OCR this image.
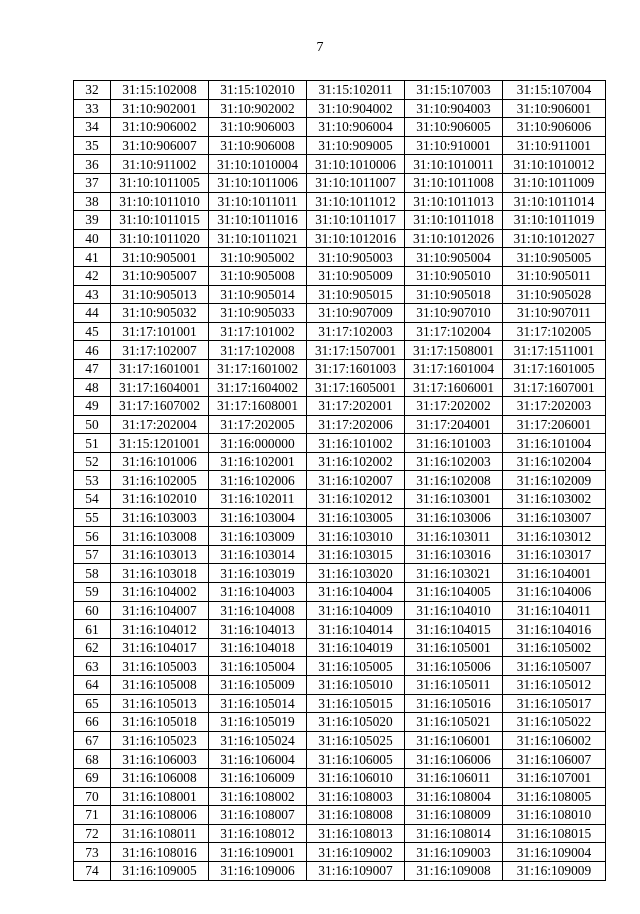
7
32	31:15:102008	31:15:102010	31:15:102011	31:15:107003	31:15:107004
33	31:10:902001	31:10:902002	31:10:904002	31:10:904003	31:10:906001
34	31:10:906002	31:10:906003	31:10:906004	31:10:906005	31:10:906006
35	31:10:906007	31:10:906008	31:10:909005	31:10:910001	31:10:911001
36	31:10:911002	31:10:1010004	31:10:1010006	31:10:1010011	31:10:1010012
37	31:10:1011005	31:10:1011006	31:10:1011007	31:10:1011008	31:10:1011009
38	31:10:1011010	31:10:1011011	31:10:1011012	31:10:1011013	31:10:1011014
39	31:10:1011015	31:10:1011016	31:10:1011017	31:10:1011018	31:10:1011019
40	31:10:1011020	31:10:1011021	31:10:1012016	31:10:1012026	31:10:1012027
41	31:10:905001	31:10:905002	31:10:905003	31:10:905004	31:10:905005
42	31:10:905007	31:10:905008	31:10:905009	31:10:905010	31:10:905011
43	31:10:905013	31:10:905014	31:10:905015	31:10:905018	31:10:905028
44	31:10:905032	31:10:905033	31:10:907009	31:10:907010	31:10:907011
45	31:17:101001	31:17:101002	31:17:102003	31:17:102004	31:17:102005
46	31:17:102007	31:17:102008	31:17:1507001	31:17:1508001	31:17:1511001
47	31:17:1601001	31:17:1601002	31:17:1601003	31:17:1601004	31:17:1601005
48	31:17:1604001	31:17:1604002	31:17:1605001	31:17:1606001	31:17:1607001
49	31:17:1607002	31:17:1608001	31:17:202001	31:17:202002	31:17:202003
50	31:17:202004	31:17:202005	31:17:202006	31:17:204001	31:17:206001
51	31:15:1201001	31:16:000000	31:16:101002	31:16:101003	31:16:101004
52	31:16:101006	31:16:102001	31:16:102002	31:16:102003	31:16:102004
53	31:16:102005	31:16:102006	31:16:102007	31:16:102008	31:16:102009
54	31:16:102010	31:16:102011	31:16:102012	31:16:103001	31:16:103002
55	31:16:103003	31:16:103004	31:16:103005	31:16:103006	31:16:103007
56	31:16:103008	31:16:103009	31:16:103010	31:16:103011	31:16:103012
57	31:16:103013	31:16:103014	31:16:103015	31:16:103016	31:16:103017
58	31:16:103018	31:16:103019	31:16:103020	31:16:103021	31:16:104001
59	31:16:104002	31:16:104003	31:16:104004	31:16:104005	31:16:104006
60	31:16:104007	31:16:104008	31:16:104009	31:16:104010	31:16:104011
61	31:16:104012	31:16:104013	31:16:104014	31:16:104015	31:16:104016
62	31:16:104017	31:16:104018	31:16:104019	31:16:105001	31:16:105002
63	31:16:105003	31:16:105004	31:16:105005	31:16:105006	31:16:105007
64	31:16:105008	31:16:105009	31:16:105010	31:16:105011	31:16:105012
65	31:16:105013	31:16:105014	31:16:105015	31:16:105016	31:16:105017
66	31:16:105018	31:16:105019	31:16:105020	31:16:105021	31:16:105022
67	31:16:105023	31:16:105024	31:16:105025	31:16:106001	31:16:106002
68	31:16:106003	31:16:106004	31:16:106005	31:16:106006	31:16:106007
69	31:16:106008	31:16:106009	31:16:106010	31:16:106011	31:16:107001
70	31:16:108001	31:16:108002	31:16:108003	31:16:108004	31:16:108005
71	31:16:108006	31:16:108007	31:16:108008	31:16:108009	31:16:108010
72	31:16:108011	31:16:108012	31:16:108013	31:16:108014	31:16:108015
73	31:16:108016	31:16:109001	31:16:109002	31:16:109003	31:16:109004
74	31:16:109005	31:16:109006	31:16:109007	31:16:109008	31:16:109009
